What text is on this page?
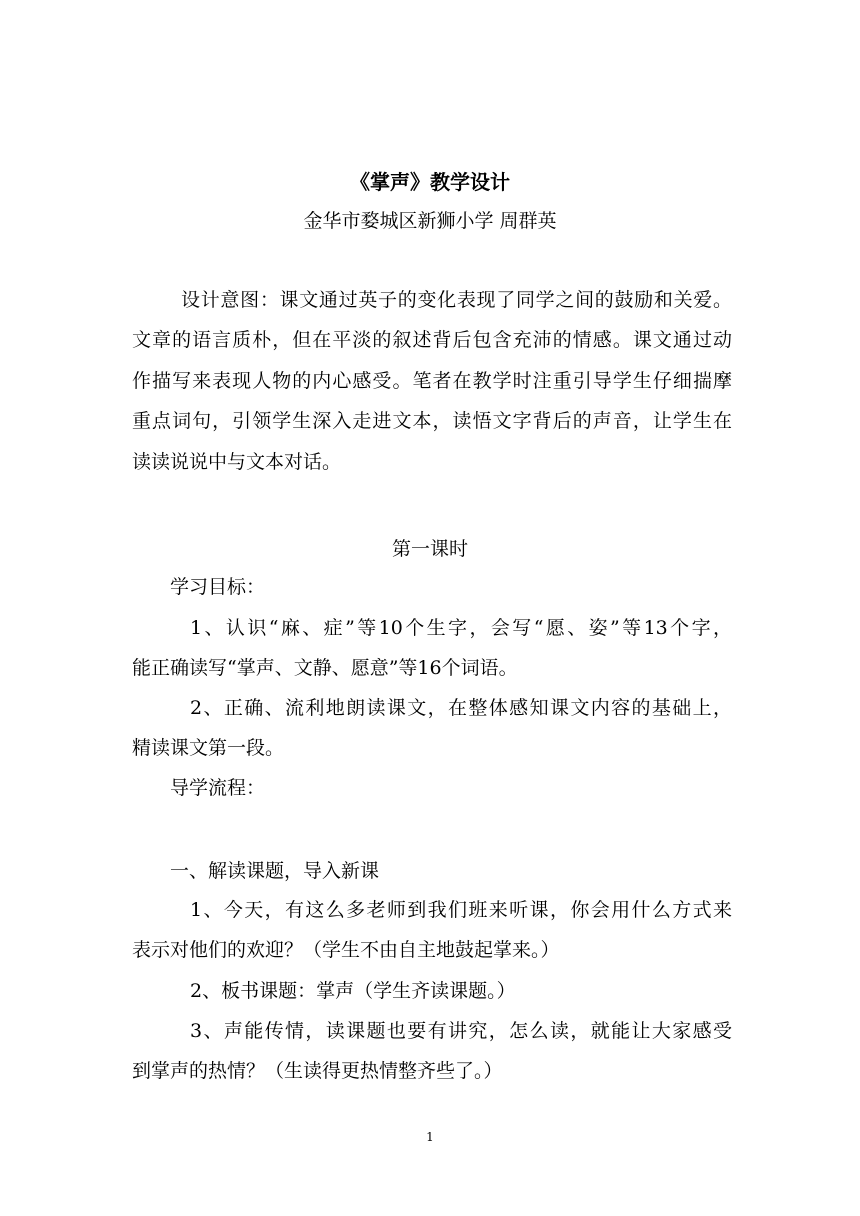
《掌声》教学设计

金华市婺城区新狮小学 周群英

设计意图：课文通过英子的变化表现了同学之间的鼓励和关爱。

文章的语言质朴，但在平淡的叙述背后包含充沛的情感。课文通过动

作描写来表现人物的内心感受。笔者在教学时注重引导学生仔细揣摩

重点词句，引领学生深入走进文本，读悟文字背后的声音，让学生在

读读说说中与文本对话。

第一课时

学习目标：

1、认识“麻、症”等10个生字，会写“愿、姿”等13个字，

能正确读写“掌声、文静、愿意”等16个词语。

2、正确、流利地朗读课文，在整体感知课文内容的基础上，

精读课文第一段。

导学流程：

一、解读课题，导入新课

1、今天，有这么多老师到我们班来听课，你会用什么方式来

表示对他们的欢迎？（学生不由自主地鼓起掌来。）

2、板书课题：掌声（学生齐读课题。）

3、声能传情，读课题也要有讲究，怎么读，就能让大家感受

到掌声的热情？（生读得更热情整齐些了。）

1
